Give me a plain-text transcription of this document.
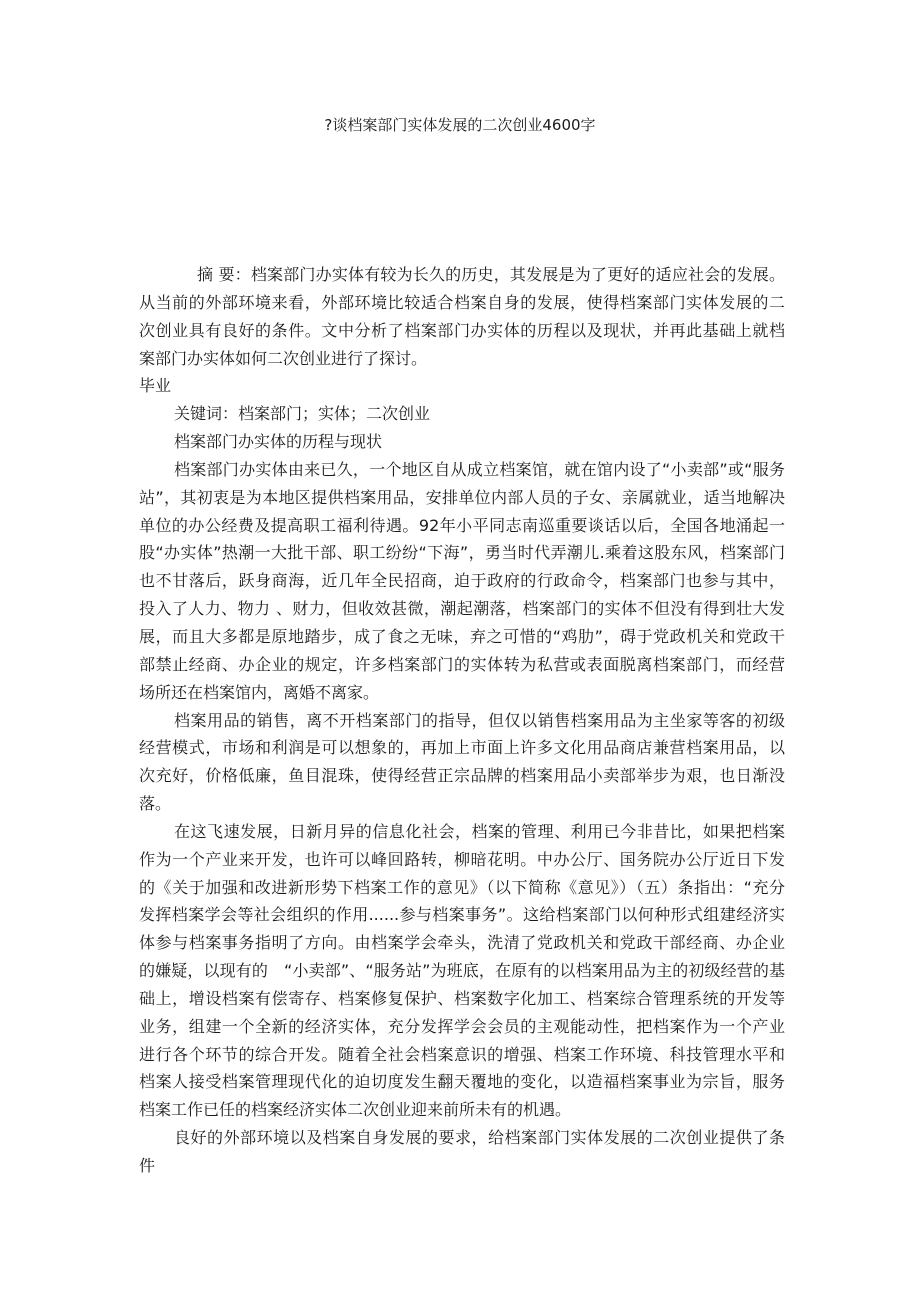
?谈档案部门实体发展的二次创业4600字
摘 要：档案部门办实体有较为长久的历史，其发展是为了更好的适应社会的发展。
从当前的外部环境来看，外部环境比较适合档案自身的发展，使得档案部门实体发展的二
次创业具有良好的条件。文中分析了档案部门办实体的历程以及现状，并再此基础上就档
案部门办实体如何二次创业进行了探讨。
毕业
关键词：档案部门；实体；二次创业
档案部门办实体的历程与现状
档案部门办实体由来已久，一个地区自从成立档案馆，就在馆内设了“小卖部”或“服务
站”，其初衷是为本地区提供档案用品，安排单位内部人员的子女、亲属就业，适当地解决
单位的办公经费及提高职工福利待遇。92年小平同志南巡重要谈话以后，全国各地涌起一
股“办实体”热潮一大批干部、职工纷纷“下海”，勇当时代弄潮儿.乘着这股东风，档案部门
也不甘落后，跃身商海，近几年全民招商，迫于政府的行政命令，档案部门也参与其中，
投入了人力、物力 、财力，但收效甚微，潮起潮落，档案部门的实体不但没有得到壮大发
展，而且大多都是原地踏步，成了食之无味，弃之可惜的“鸡肋”，碍于党政机关和党政干
部禁止经商、办企业的规定，许多档案部门的实体转为私营或表面脱离档案部门，而经营
场所还在档案馆内，离婚不离家。
档案用品的销售，离不开档案部门的指导，但仅以销售档案用品为主坐家等客的初级
经营模式，市场和利润是可以想象的，再加上市面上许多文化用品商店兼营档案用品，以
次充好，价格低廉，鱼目混珠，使得经营正宗品牌的档案用品小卖部举步为艰，也日渐没
落。
在这飞速发展，日新月异的信息化社会，档案的管理、利用已今非昔比，如果把档案
作为一个产业来开发，也许可以峰回路转，柳暗花明。中办公厅、国务院办公厅近日下发
的《关于加强和改进新形势下档案工作的意见》（以下简称《意见》）（五）条指出：“充分
发挥档案学会等社会组织的作用......参与档案事务”。这给档案部门以何种形式组建经济实
体参与档案事务指明了方向。由档案学会牵头，洗清了党政机关和党政干部经商、办企业
的嫌疑，以现有的　“小卖部”、“服务站”为班底，在原有的以档案用品为主的初级经营的基
础上，增设档案有偿寄存、档案修复保护、档案数字化加工、档案综合管理系统的开发等
业务，组建一个全新的经济实体，充分发挥学会会员的主观能动性，把档案作为一个产业
进行各个环节的综合开发。随着全社会档案意识的增强、档案工作环境、科技管理水平和
档案人接受档案管理现代化的迫切度发生翻天覆地的变化，以造福档案事业为宗旨，服务
档案工作已任的档案经济实体二次创业迎来前所未有的机遇。
良好的外部环境以及档案自身发展的要求，给档案部门实体发展的二次创业提供了条
件
